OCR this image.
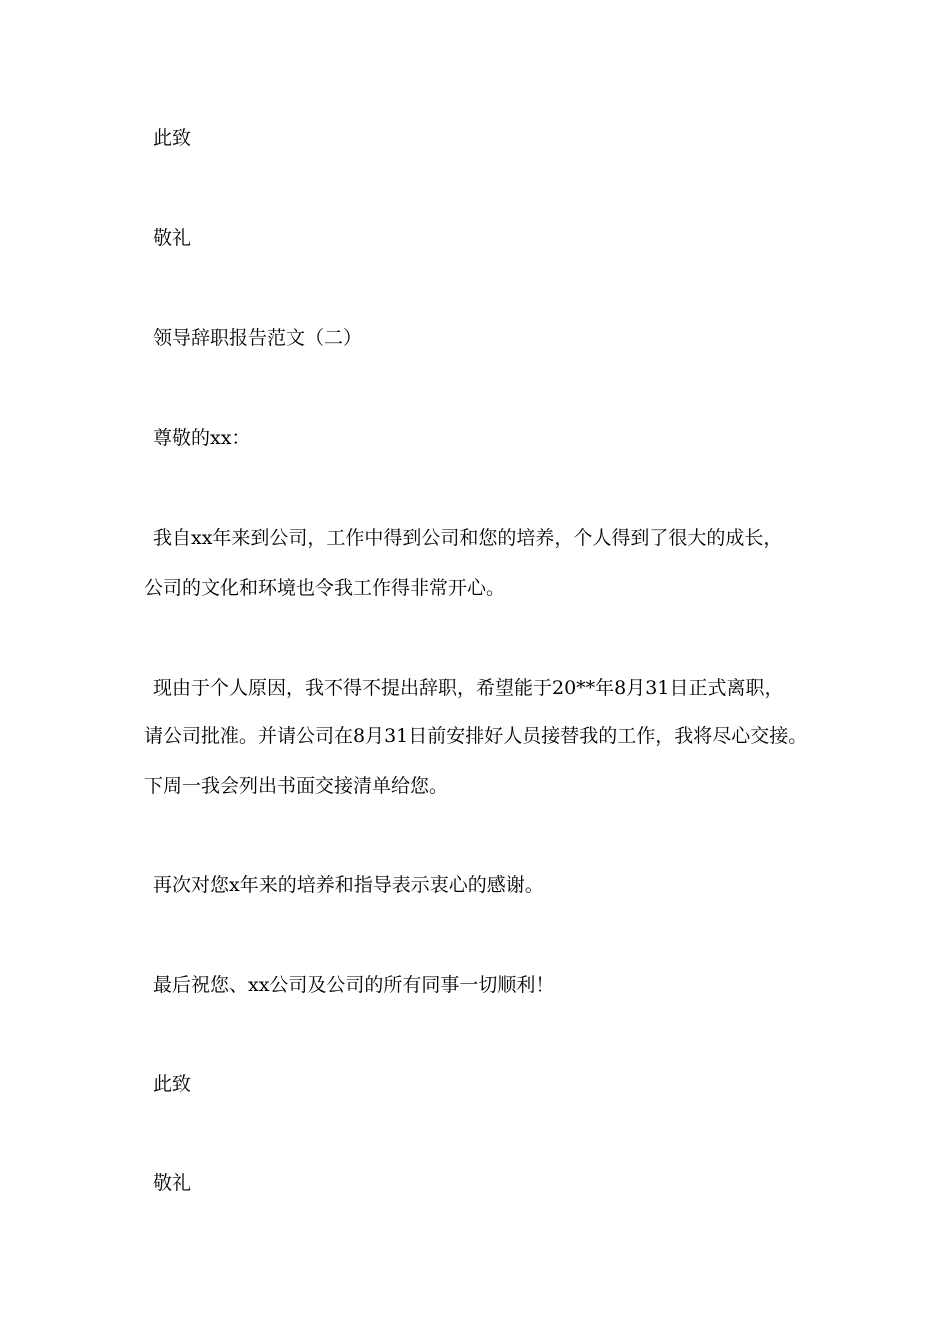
此致
敬礼
领导辞职报告范文（二）
尊敬的xx：
我自xx年来到公司，工作中得到公司和您的培养，个人得到了很大的成长，
公司的文化和环境也令我工作得非常开心。
现由于个人原因，我不得不提出辞职，希望能于20**年8月31日正式离职，
请公司批准。并请公司在8月31日前安排好人员接替我的工作，我将尽心交接。
下周一我会列出书面交接清单给您。
再次对您x年来的培养和指导表示衷心的感谢。
最后祝您、xx公司及公司的所有同事一切顺利！
此致
敬礼
